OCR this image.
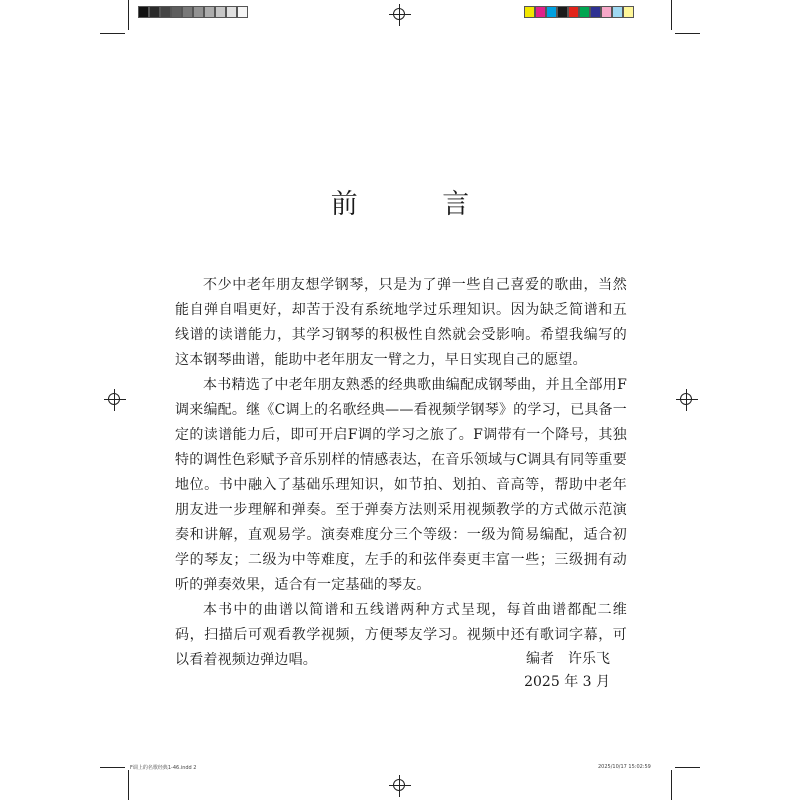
前 言

不少中老年朋友想学钢琴，只是为了弹一些自己喜爱的歌曲，当然能自弹自唱更好，却苦于没有系统地学过乐理知识。因为缺乏简谱和五线谱的读谱能力，其学习钢琴的积极性自然就会受影响。希望我编写的这本钢琴曲谱，能助中老年朋友一臂之力，早日实现自己的愿望。

本书精选了中老年朋友熟悉的经典歌曲编配成钢琴曲，并且全部用F调来编配。继《C调上的名歌经典——看视频学钢琴》的学习，已具备一定的读谱能力后，即可开启F调的学习之旅了。F调带有一个降号，其独特的调性色彩赋予音乐别样的情感表达，在音乐领域与C调具有同等重要地位。书中融入了基础乐理知识，如节拍、划拍、音高等，帮助中老年朋友进一步理解和弹奏。至于弹奏方法则采用视频教学的方式做示范演奏和讲解，直观易学。演奏难度分三个等级：一级为简易编配，适合初学的琴友；二级为中等难度，左手的和弦伴奏更丰富一些；三级拥有动听的弹奏效果，适合有一定基础的琴友。

本书中的曲谱以简谱和五线谱两种方式呈现，每首曲谱都配二维码，扫描后可观看教学视频，方便琴友学习。视频中还有歌词字幕，可以看着视频边弹边唱。	编者　许乐飞
2025 年 3 月
F调上的名歌经典1-46.indd 2	2025/10/17 15:02:59
